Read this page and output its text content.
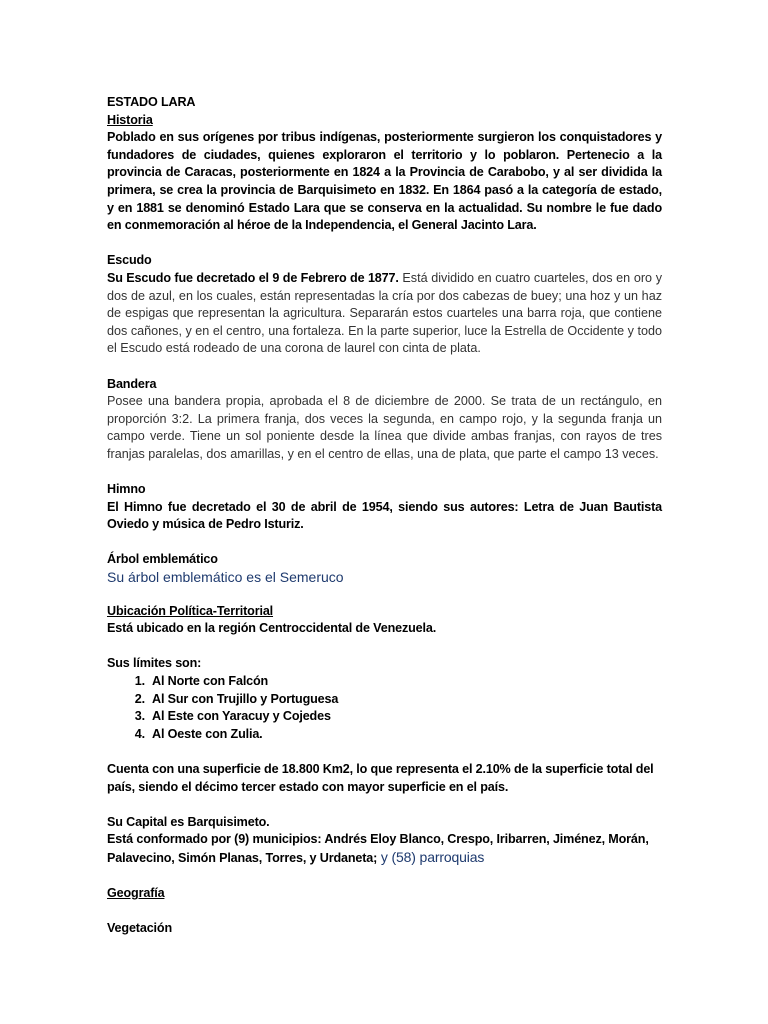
ESTADO LARA

Historia

Poblado en sus orígenes por tribus indígenas, posteriormente surgieron los conquistadores y fundadores de ciudades, quienes exploraron el territorio y lo poblaron. Pertenecio a la provincia de Caracas, posteriormente en 1824 a la Provincia de Carabobo, y al ser dividida la primera, se crea la provincia de Barquisimeto en 1832. En 1864 pasó a la categoría de estado, y en 1881 se denominó Estado Lara que se conserva en la actualidad. Su nombre le fue dado en conmemoración al héroe de la Independencia, el General Jacinto Lara.

Escudo

Su Escudo fue decretado el 9 de Febrero de 1877. Está dividido en cuatro cuarteles, dos en oro y dos de azul, en los cuales, están representadas la cría por dos cabezas de buey; una hoz y un haz de espigas que representan la agricultura. Separarán estos cuarteles una barra roja, que contiene dos cañones, y en el centro, una fortaleza. En la parte superior, luce la Estrella de Occidente y todo el Escudo está rodeado de una corona de laurel con cinta de plata.

Bandera

Posee una bandera propia, aprobada el 8 de diciembre de 2000. Se trata de un rectángulo, en proporción 3:2. La primera franja, dos veces la segunda, en campo rojo, y la segunda franja un campo verde. Tiene un sol poniente desde la línea que divide ambas franjas, con rayos de tres franjas paralelas, dos amarillas, y en el centro de ellas, una de plata, que parte el campo 13 veces.

Himno

El Himno fue decretado el 30 de abril de 1954, siendo sus autores: Letra de Juan Bautista Oviedo y música de Pedro Isturiz.

Árbol emblemático

Su árbol emblemático es el Semeruco

Ubicación Política-Territorial

Está ubicado en la región Centroccidental de Venezuela.

Sus límites son:

1. Al Norte con Falcón
2. Al Sur con Trujillo y Portuguesa
3. Al Este con Yaracuy y Cojedes
4. Al Oeste con Zulia.

Cuenta con una superficie de 18.800 Km2, lo que representa el 2.10% de la superficie total del país, siendo el décimo tercer estado con mayor superficie en el país.

Su Capital es Barquisimeto.

Está conformado por (9) municipios: Andrés Eloy Blanco, Crespo, Iribarren, Jiménez, Morán, Palavecino, Simón Planas, Torres, y Urdaneta; y (58) parroquias

Geografía

Vegetación
